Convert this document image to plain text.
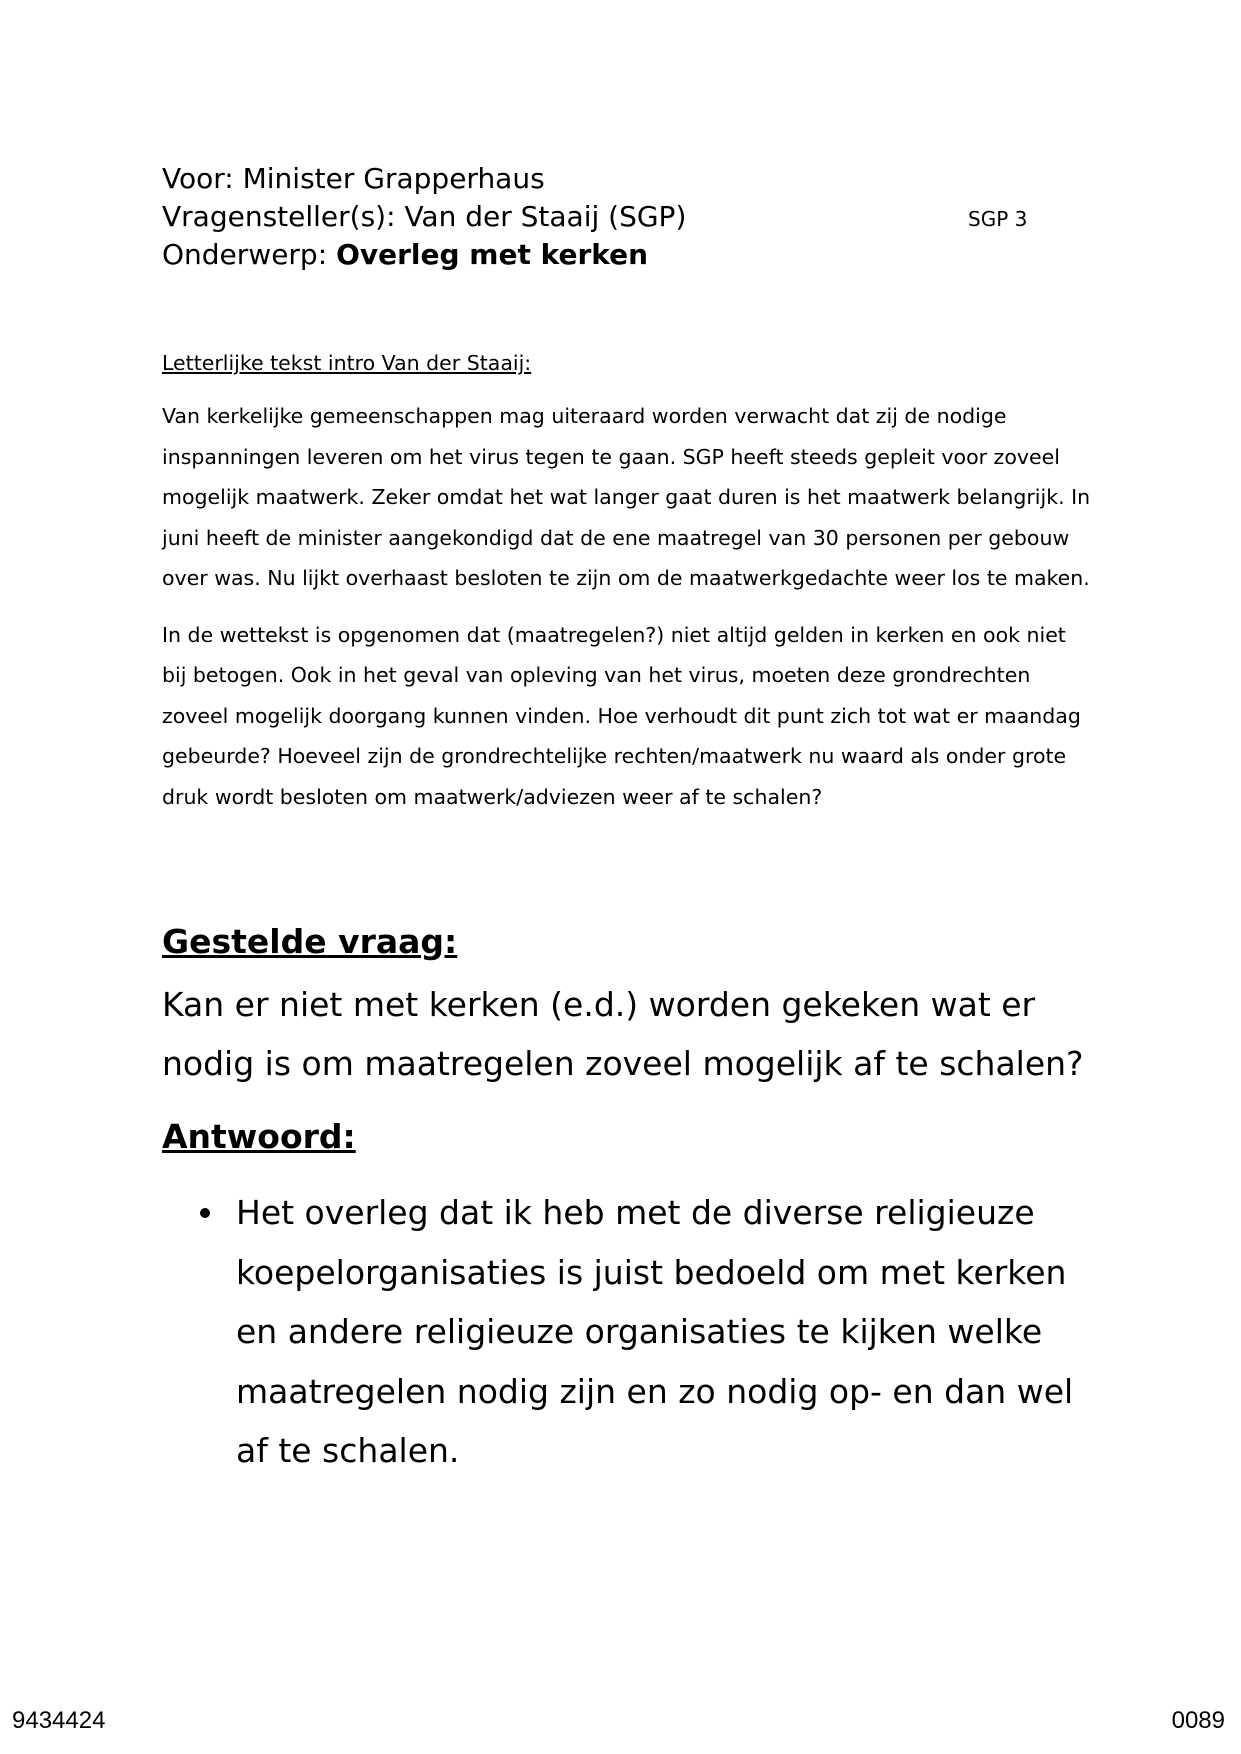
Voor: Minister Grapperhaus
Vragensteller(s): Van der Staaij (SGP)
Onderwerp: Overleg met kerken
SGP 3
Letterlijke tekst intro Van der Staaij:

Van kerkelijke gemeenschappen mag uiteraard worden verwacht dat zij de nodige inspanningen leveren om het virus tegen te gaan. SGP heeft steeds gepleit voor zoveel mogelijk maatwerk. Zeker omdat het wat langer gaat duren is het maatwerk belangrijk. In juni heeft de minister aangekondigd dat de ene maatregel van 30 personen per gebouw over was. Nu lijkt overhaast besloten te zijn om de maatwerkgedachte weer los te maken.

In de wettekst is opgenomen dat (maatregelen?) niet altijd gelden in kerken en ook niet bij betogen. Ook in het geval van opleving van het virus, moeten deze grondrechten zoveel mogelijk doorgang kunnen vinden. Hoe verhoudt dit punt zich tot wat er maandag gebeurde? Hoeveel zijn de grondrechtelijke rechten/maatwerk nu waard als onder grote druk wordt besloten om maatwerk/adviezen weer af te schalen?

Gestelde vraag:
Kan er niet met kerken (e.d.) worden gekeken wat er nodig is om maatregelen zoveel mogelijk af te schalen?
Antwoord:
Het overleg dat ik heb met de diverse religieuze koepelorganisaties is juist bedoeld om met kerken en andere religieuze organisaties te kijken welke maatregelen nodig zijn en zo nodig op- en dan wel af te schalen.
9434424	0089
